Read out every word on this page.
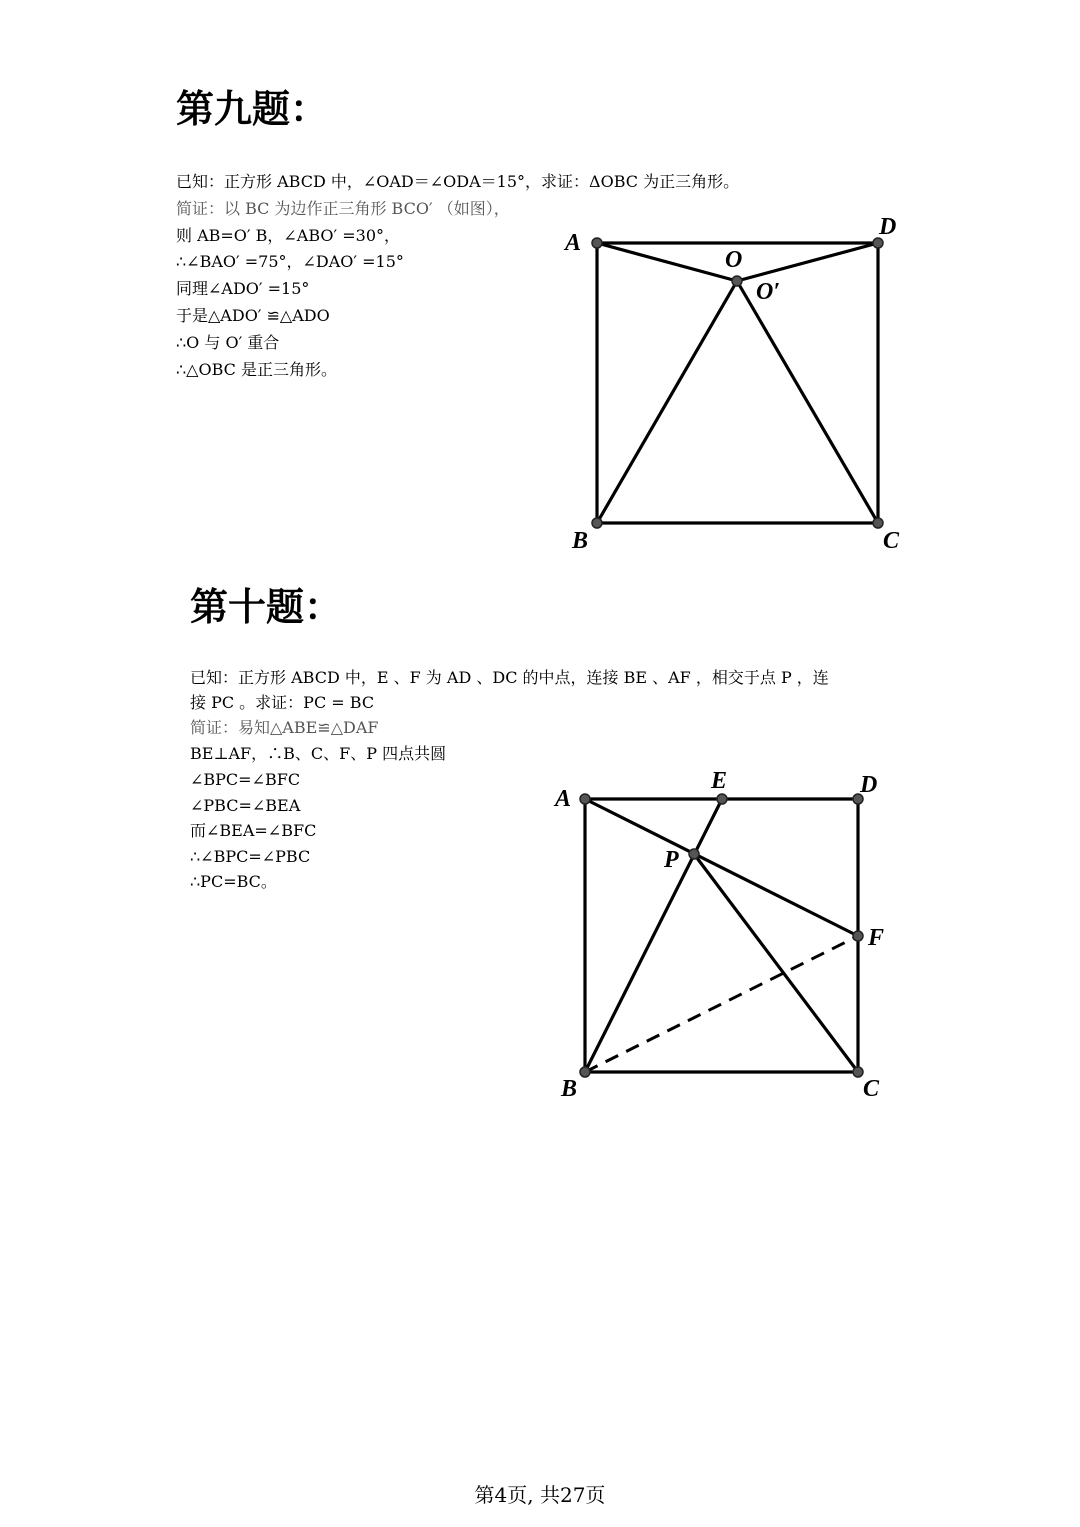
第九题：
已知：正方形 ABCD 中，∠OAD＝∠ODA＝15°，求证：ΔOBC 为正三角形。
简证：以 BC 为边作正三角形 BCO′ （如图），
则 AB=O′ B，∠ABO′ =30°，
∴∠BAO′ =75°，∠DAO′ =15°
同理∠ADO′ =15°
于是△ADO′ ≌△ADO
∴O 与 O′ 重合
∴△OBC 是正三角形。
A
D
B	C
O
O′
第十题：
已知：正方形 ABCD 中，E 、F 为 AD 、DC 的中点，连接 BE 、AF ，相交于点 P ，连
接 PC 。求证：PC = BC
简证：易知△ABE≌△DAF
BE⊥AF，∴B、C、F、P 四点共圆
∠BPC=∠BFC
∠PBC=∠BEA
而∠BEA=∠BFC
∴∠BPC=∠PBC
∴PC=BC。
A
D
E
F
P
B	C
第4页, 共27页
